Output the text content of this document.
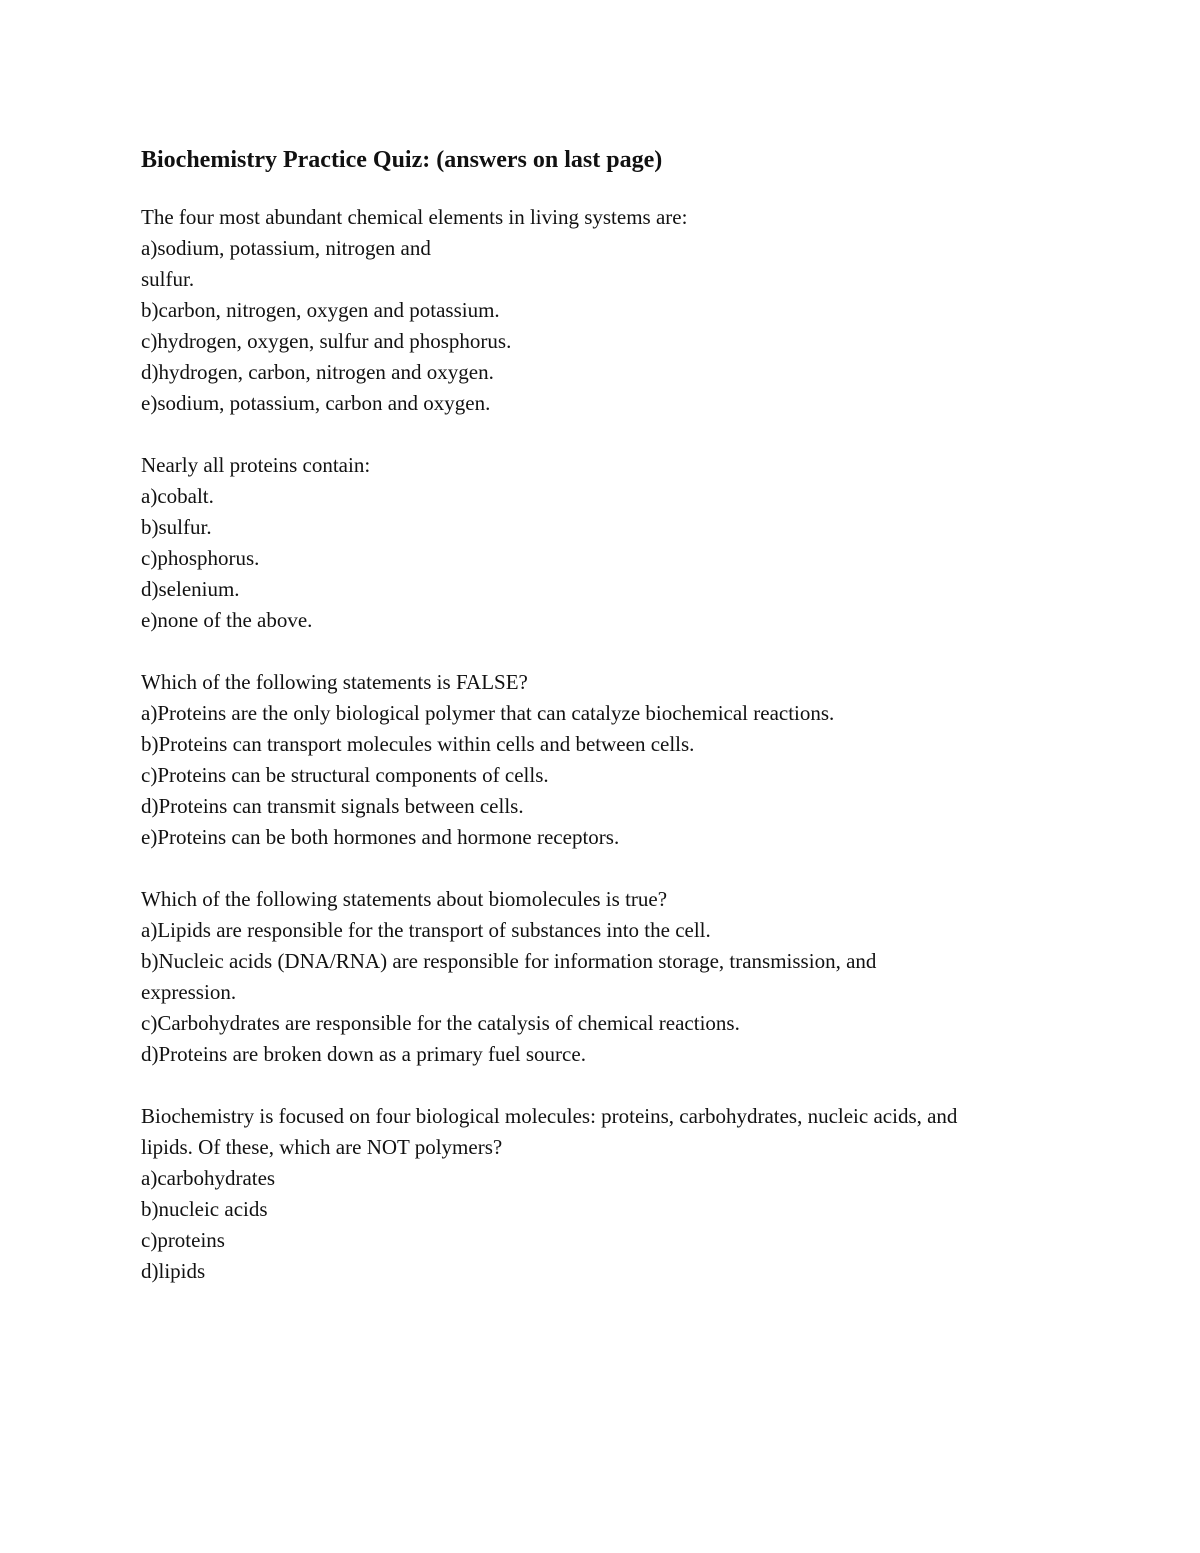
Biochemistry Practice Quiz: (answers on last page)
The four most abundant chemical elements in living systems are:
a)sodium, potassium, nitrogen and
sulfur.
b)carbon, nitrogen, oxygen and potassium.
c)hydrogen, oxygen, sulfur and phosphorus.
d)hydrogen, carbon, nitrogen and oxygen.
e)sodium, potassium, carbon and oxygen.
Nearly all proteins contain:
a)cobalt.
b)sulfur.
c)phosphorus.
d)selenium.
e)none of the above.
Which of the following statements is FALSE?
a)Proteins are the only biological polymer that can catalyze biochemical reactions.
b)Proteins can transport molecules within cells and between cells.
c)Proteins can be structural components of cells.
d)Proteins can transmit signals between cells.
e)Proteins can be both hormones and hormone receptors.
Which of the following statements about biomolecules is true?
a)Lipids are responsible for the transport of substances into the cell.
b)Nucleic acids (DNA/RNA) are responsible for information storage, transmission, and
expression.
c)Carbohydrates are responsible for the catalysis of chemical reactions.
d)Proteins are broken down as a primary fuel source.
Biochemistry is focused on four biological molecules: proteins, carbohydrates, nucleic acids, and
lipids. Of these, which are NOT polymers?
a)carbohydrates
b)nucleic acids
c)proteins
d)lipids
